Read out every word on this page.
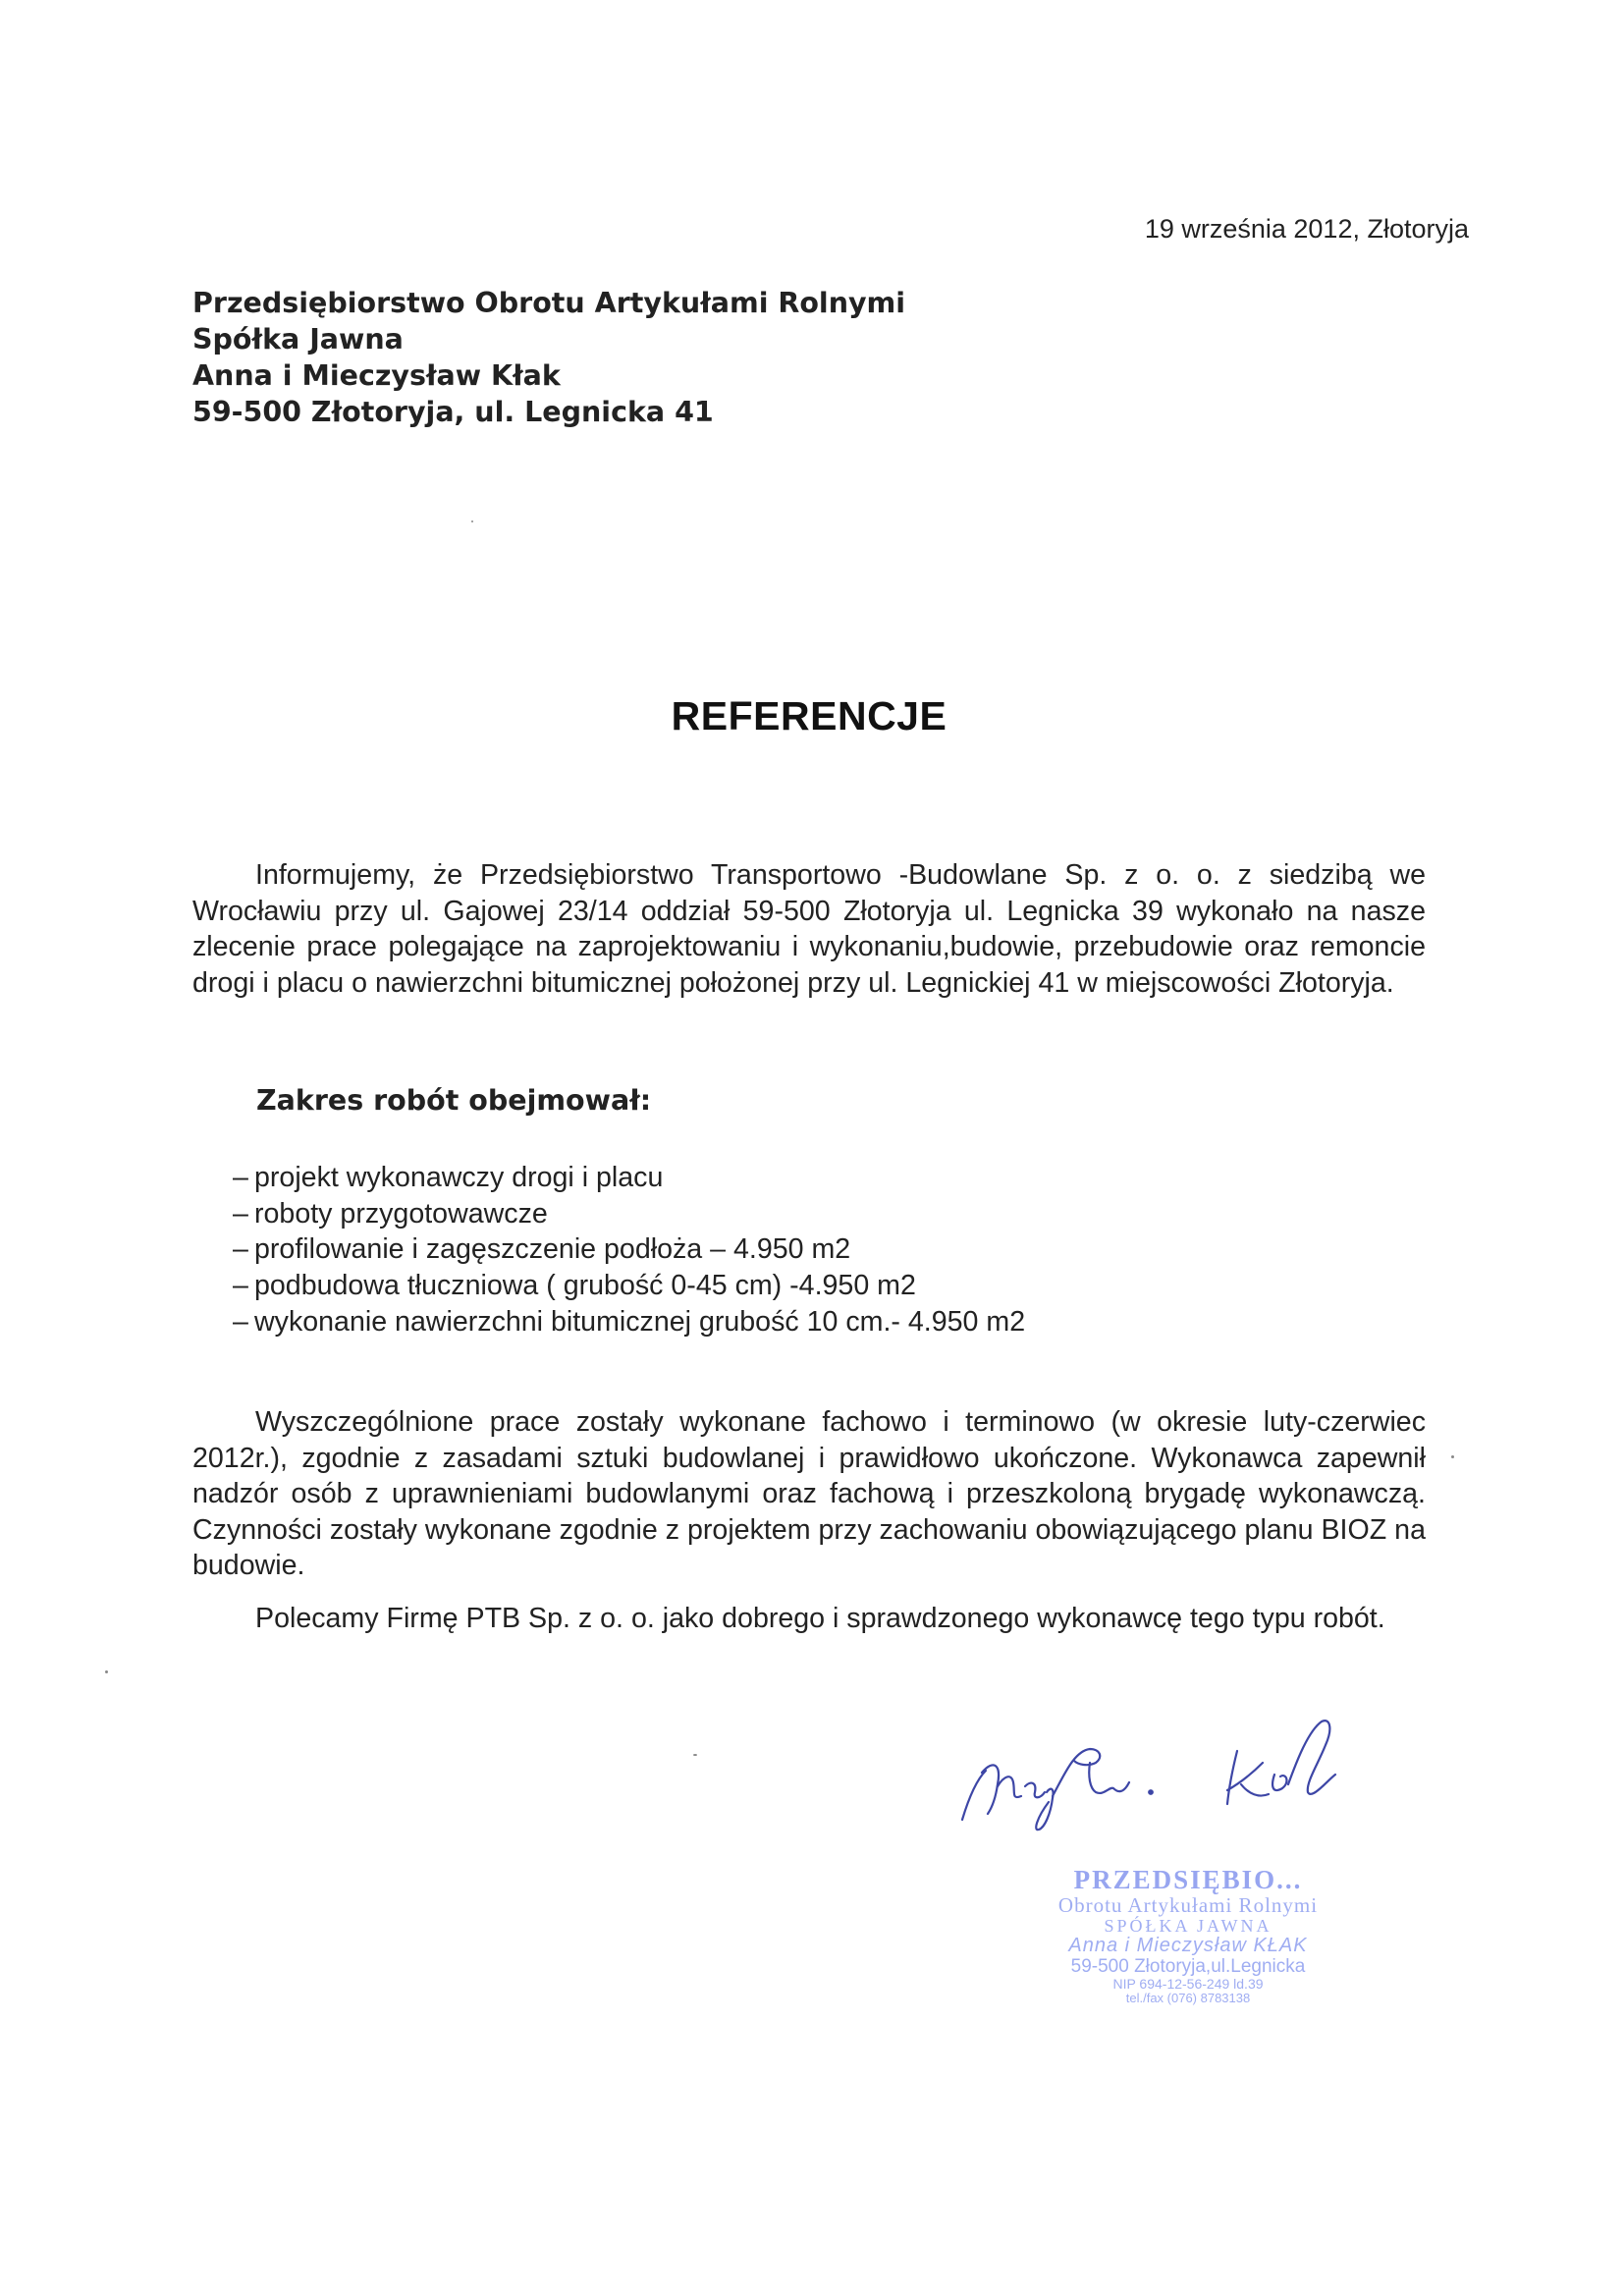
19 września 2012, Złotoryja
Przedsiębiorstwo Obrotu Artykułami Rolnymi
Spółka Jawna
Anna i Mieczysław Kłak
59-500 Złotoryja, ul. Legnicka 41
REFERENCJE

Informujemy, że Przedsiębiorstwo Transportowo -Budowlane Sp. z o. o. z siedzibą we Wrocławiu przy ul. Gajowej 23/14 oddział 59-500 Złotoryja ul. Legnicka 39 wykonało na nasze zlecenie prace polegające na zaprojektowaniu i wykonaniu,budowie, przebudowie oraz remoncie drogi i placu o nawierzchni bitumicznej położonej przy ul. Legnickiej 41 w miejscowości Złotoryja.

Zakres robót obejmował:
– projekt wykonawczy drogi i placu
– roboty przygotowawcze
– profilowanie i zagęszczenie podłoża – 4.950 m2
– podbudowa tłuczniowa ( grubość 0-45 cm) -4.950 m2
– wykonanie nawierzchni bitumicznej grubość 10 cm.- 4.950 m2

Wyszczególnione prace zostały wykonane fachowo i terminowo (w okresie luty-czerwiec 2012r.), zgodnie z zasadami sztuki budowlanej i prawidłowo ukończone. Wykonawca zapewnił nadzór osób z uprawnieniami budowlanymi oraz fachową i przeszkoloną brygadę wykonawczą. Czynności zostały wykonane zgodnie z projektem przy zachowaniu obowiązującego planu BIOZ na budowie.

Polecamy Firmę PTB Sp. z o. o. jako dobrego i sprawdzonego wykonawcę tego typu robót.

PRZEDSIĘBIO...
Obrotu Artykułami Rolnymi
SPÓŁKA JAWNA
Anna i Mieczysław KŁAK
59-500 Złotoryja,ul.Legnicka
NIP 694-12-56-249 ld.39
tel./fax (076) 8783138
